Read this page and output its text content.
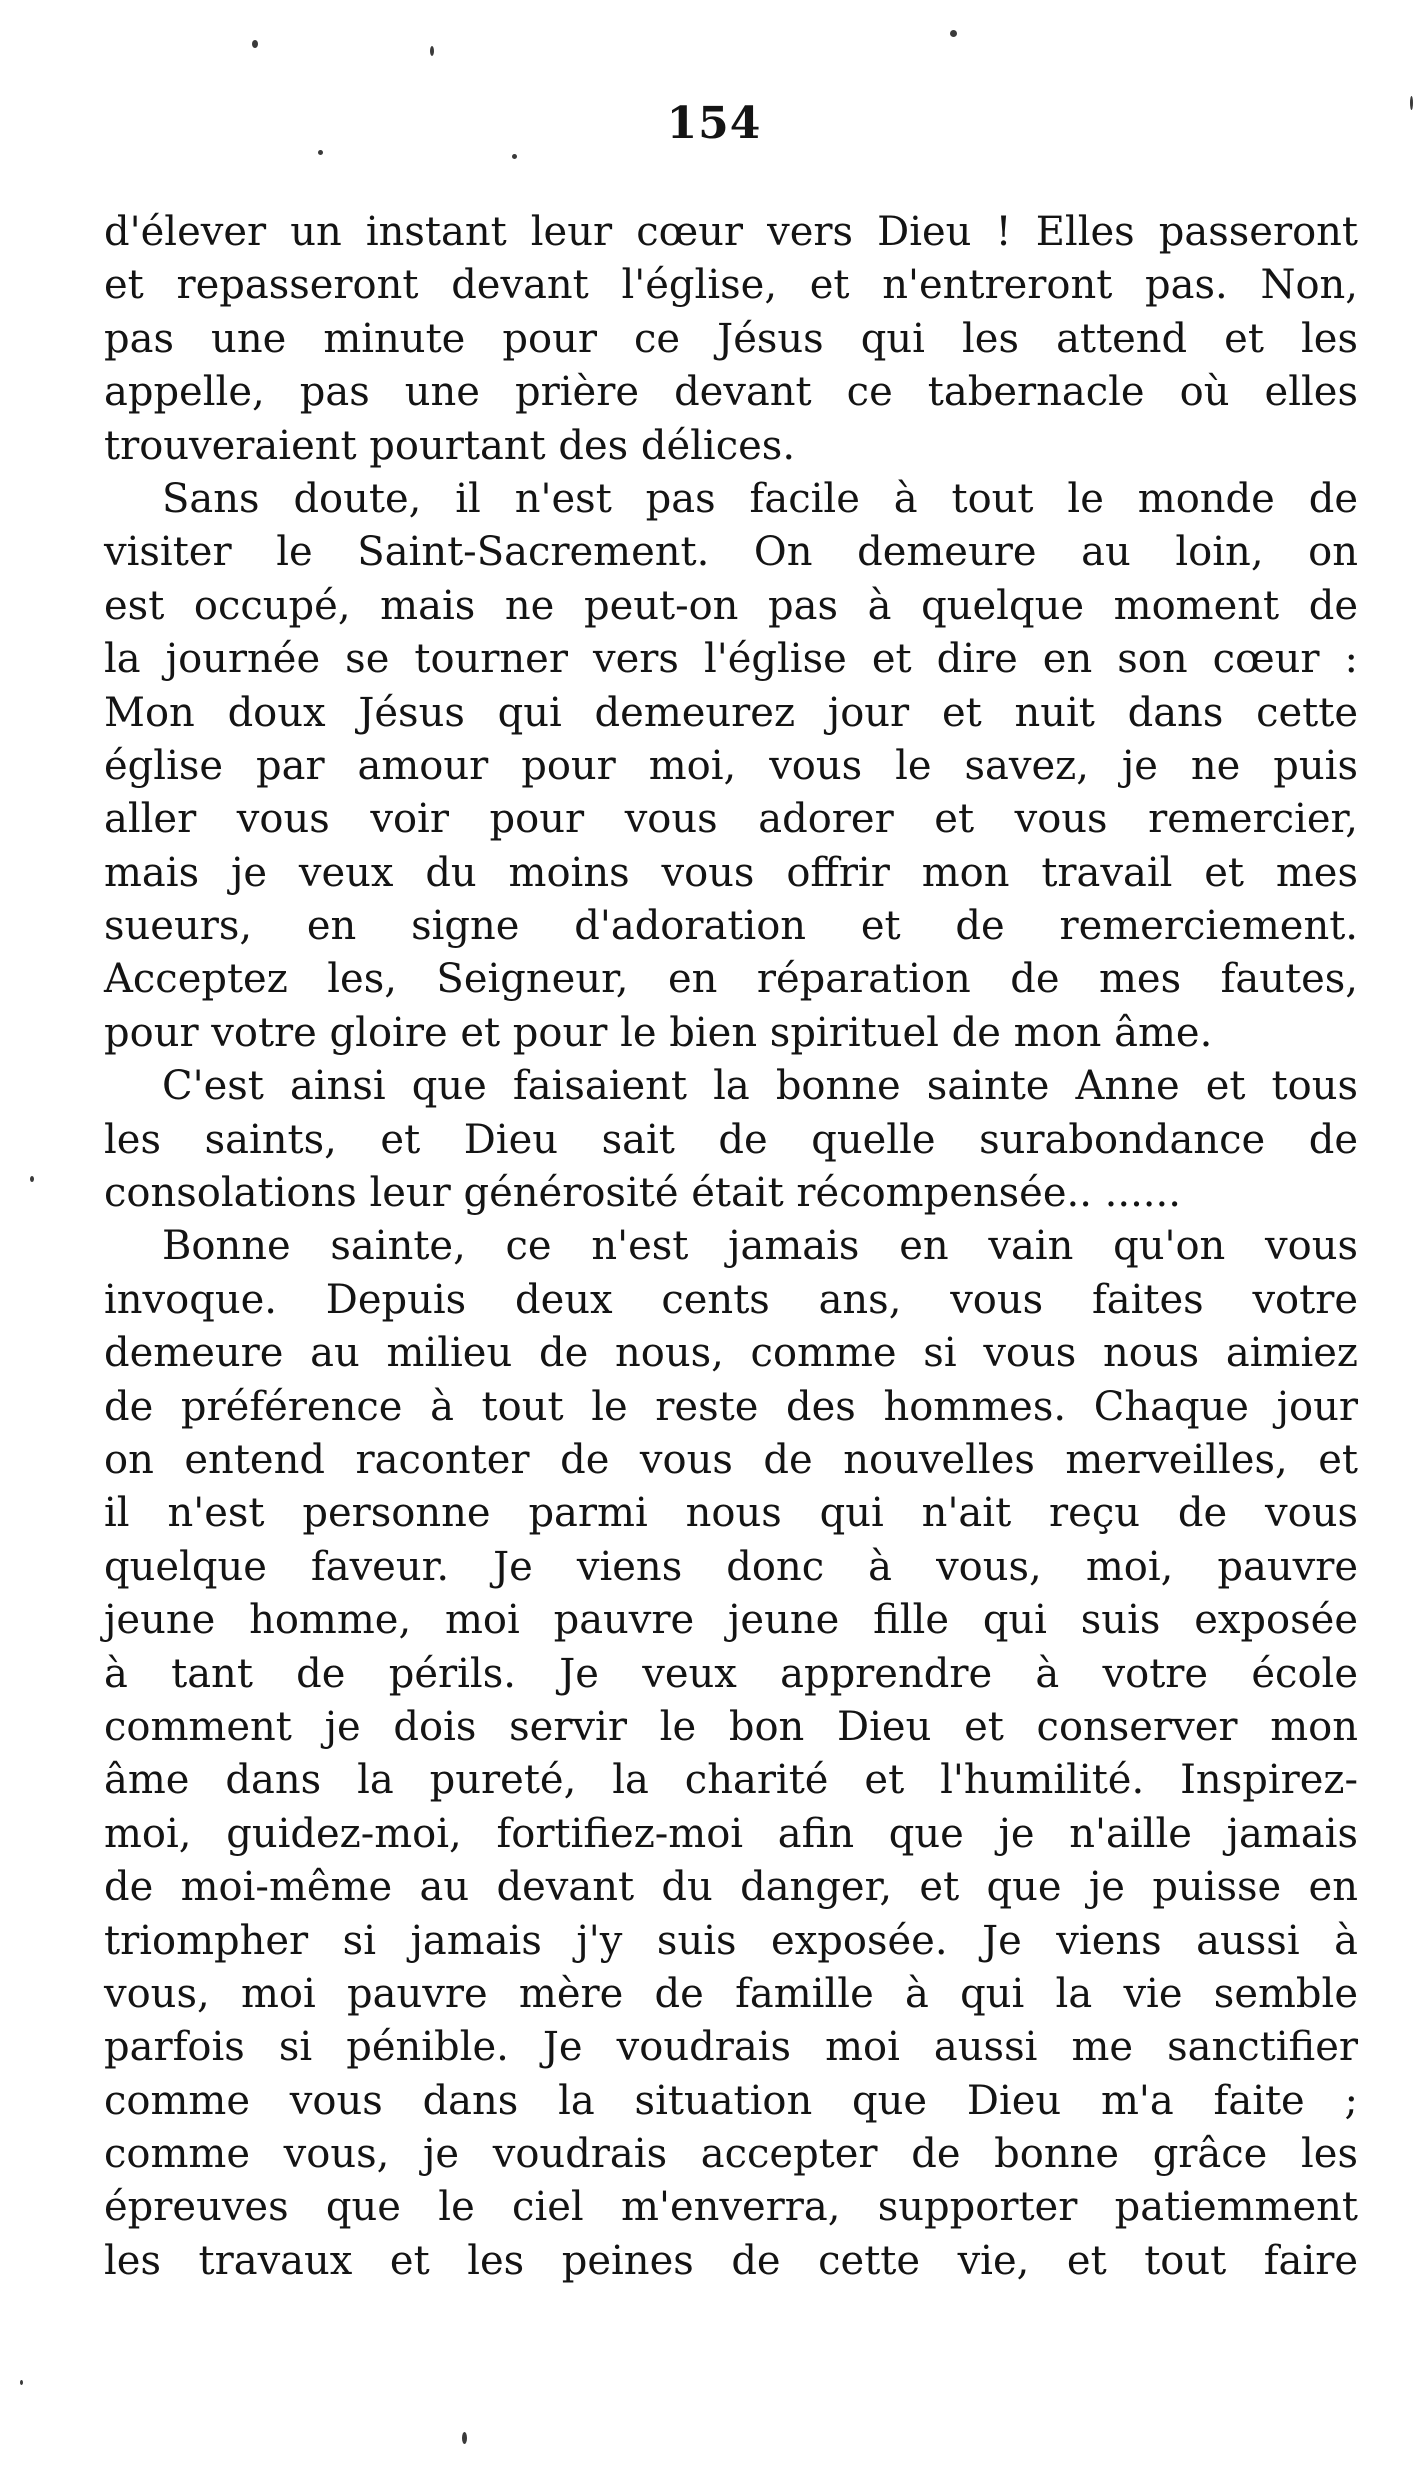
154
d'élever un instant leur cœur vers Dieu ! Elles passeront
et repasseront devant l'église, et n'entreront pas. Non,
pas une minute pour ce Jésus qui les attend et les
appelle, pas une prière devant ce tabernacle où elles
trouveraient pourtant des délices.
Sans doute, il n'est pas facile à tout le monde de
visiter le Saint-Sacrement. On demeure au loin, on
est occupé, mais ne peut-on pas à quelque moment de
la journée se tourner vers l'église et dire en son cœur :
Mon doux Jésus qui demeurez jour et nuit dans cette
église par amour pour moi, vous le savez, je ne puis
aller vous voir pour vous adorer et vous remercier,
mais je veux du moins vous offrir mon travail et mes
sueurs, en signe d'adoration et de remerciement.
Acceptez les, Seigneur, en réparation de mes fautes,
pour votre gloire et pour le bien spirituel de mon âme.
C'est ainsi que faisaient la bonne sainte Anne et tous
les saints, et Dieu sait de quelle surabondance de
consolations leur générosité était récompensée.. ......
Bonne sainte, ce n'est jamais en vain qu'on vous
invoque. Depuis deux cents ans, vous faites votre
demeure au milieu de nous, comme si vous nous aimiez
de préférence à tout le reste des hommes. Chaque jour
on entend raconter de vous de nouvelles merveilles, et
il n'est personne parmi nous qui n'ait reçu de vous
quelque faveur. Je viens donc à vous, moi, pauvre
jeune homme, moi pauvre jeune fille qui suis exposée
à tant de périls. Je veux apprendre à votre école
comment je dois servir le bon Dieu et conserver mon
âme dans la pureté, la charité et l'humilité. Inspirez-
moi, guidez-moi, fortifiez-moi afin que je n'aille jamais
de moi-même au devant du danger, et que je puisse en
triompher si jamais j'y suis exposée. Je viens aussi à
vous, moi pauvre mère de famille à qui la vie semble
parfois si pénible. Je voudrais moi aussi me sanctifier
comme vous dans la situation que Dieu m'a faite ;
comme vous, je voudrais accepter de bonne grâce les
épreuves que le ciel m'enverra, supporter patiemment
les travaux et les peines de cette vie, et tout faire
